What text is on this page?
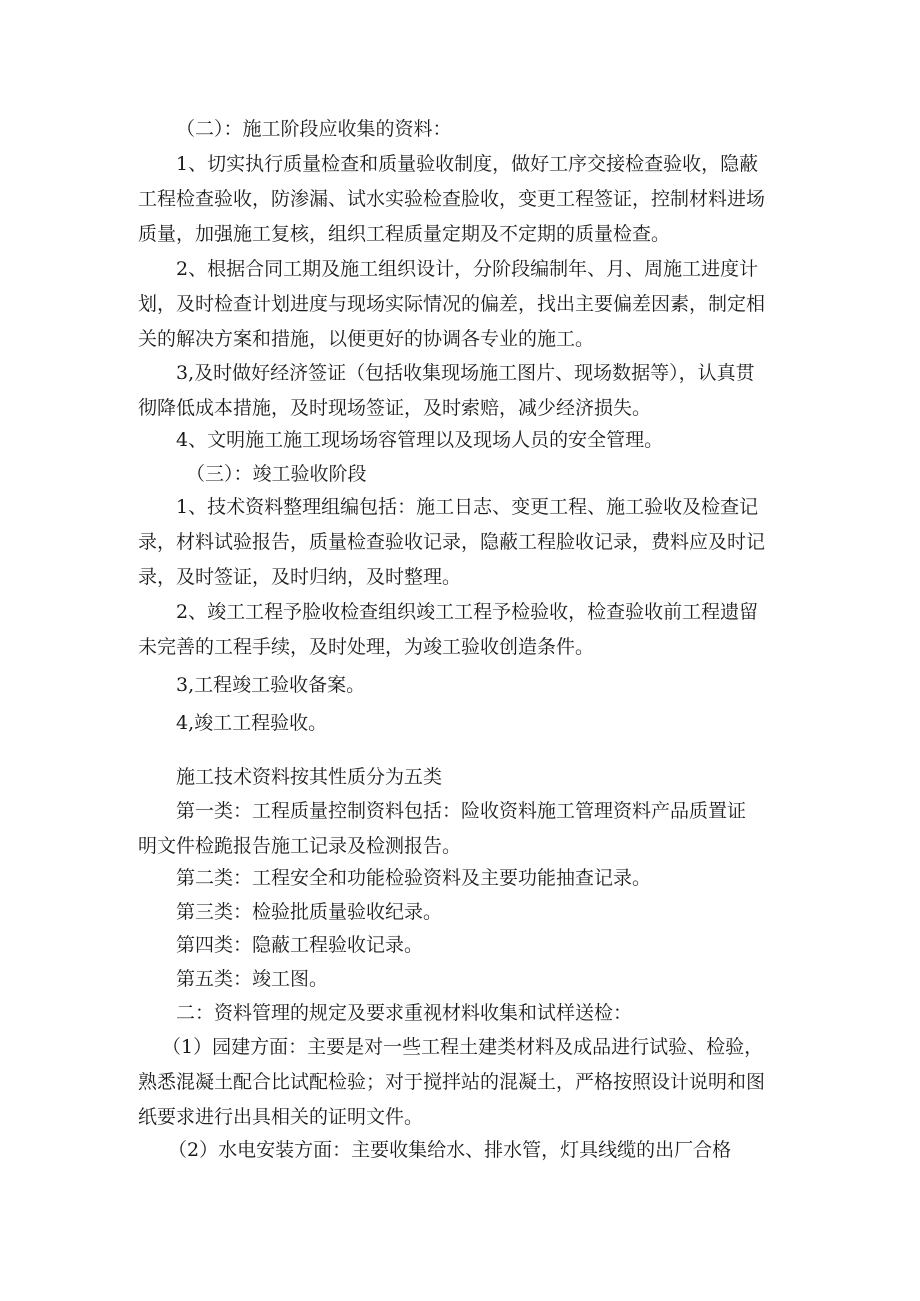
（二）：施工阶段应收集的资料：

1、切实执行质量检查和质量验收制度，做好工序交接检查验收，隐蔽
工程检查验收，防渗漏、试水实验检查脸收，变更工程签证，控制材料进场
质量，加强施工复核，组织工程质量定期及不定期的质量检查。

2、根据合同工期及施工组织设计，分阶段编制年、月、周施工进度计
划，及时检查计划进度与现场实际情况的偏差，找出主要偏差因素，制定相
关的解决方案和措施，以便更好的协调各专业的施工。

3,及时做好经济签证（包括收集现场施工图片、现场数据等），认真贯
彻降低成本措施，及时现场签证，及时索赔，减少经济损失。

4、文明施工施工现场场容管理以及现场人员的安全管理。

（三）：竣工验收阶段

1、技术资料整理组编包括：施工日志、变更工程、施工验收及检查记
录，材料试验报告，质量检查验收记录，隐蔽工程脸收记录，费料应及时记
录，及时签证，及时归纳，及时整理。

2、竣工工程予脸收检查组织竣工工程予检验收，检查验收前工程遗留
未完善的工程手续，及时处理，为竣工验收创造条件。

3,工程竣工验收备案。

4,竣工工程验收。

施工技术资料按其性质分为五类

第一类：工程质量控制资料包括：险收资料施工管理资料产品质置证
明文件检跪报告施工记录及检测报告。

第二类：工程安全和功能检验资料及主要功能抽查记录。

第三类：检验批质量验收纪录。

第四类：隐蔽工程验收记录。

第五类：竣工图。

二：资料管理的规定及要求重视材料收集和试样送检：

（1）园建方面：主要是对一些工程土建类材料及成品进行试验、检验，
熟悉混凝土配合比试配检验；对于搅拌站的混凝土，严格按照设计说明和图
纸要求进行出具相关的证明文件。

（2）水电安装方面：主要收集给水、排水管，灯具线缆的出厂合格
